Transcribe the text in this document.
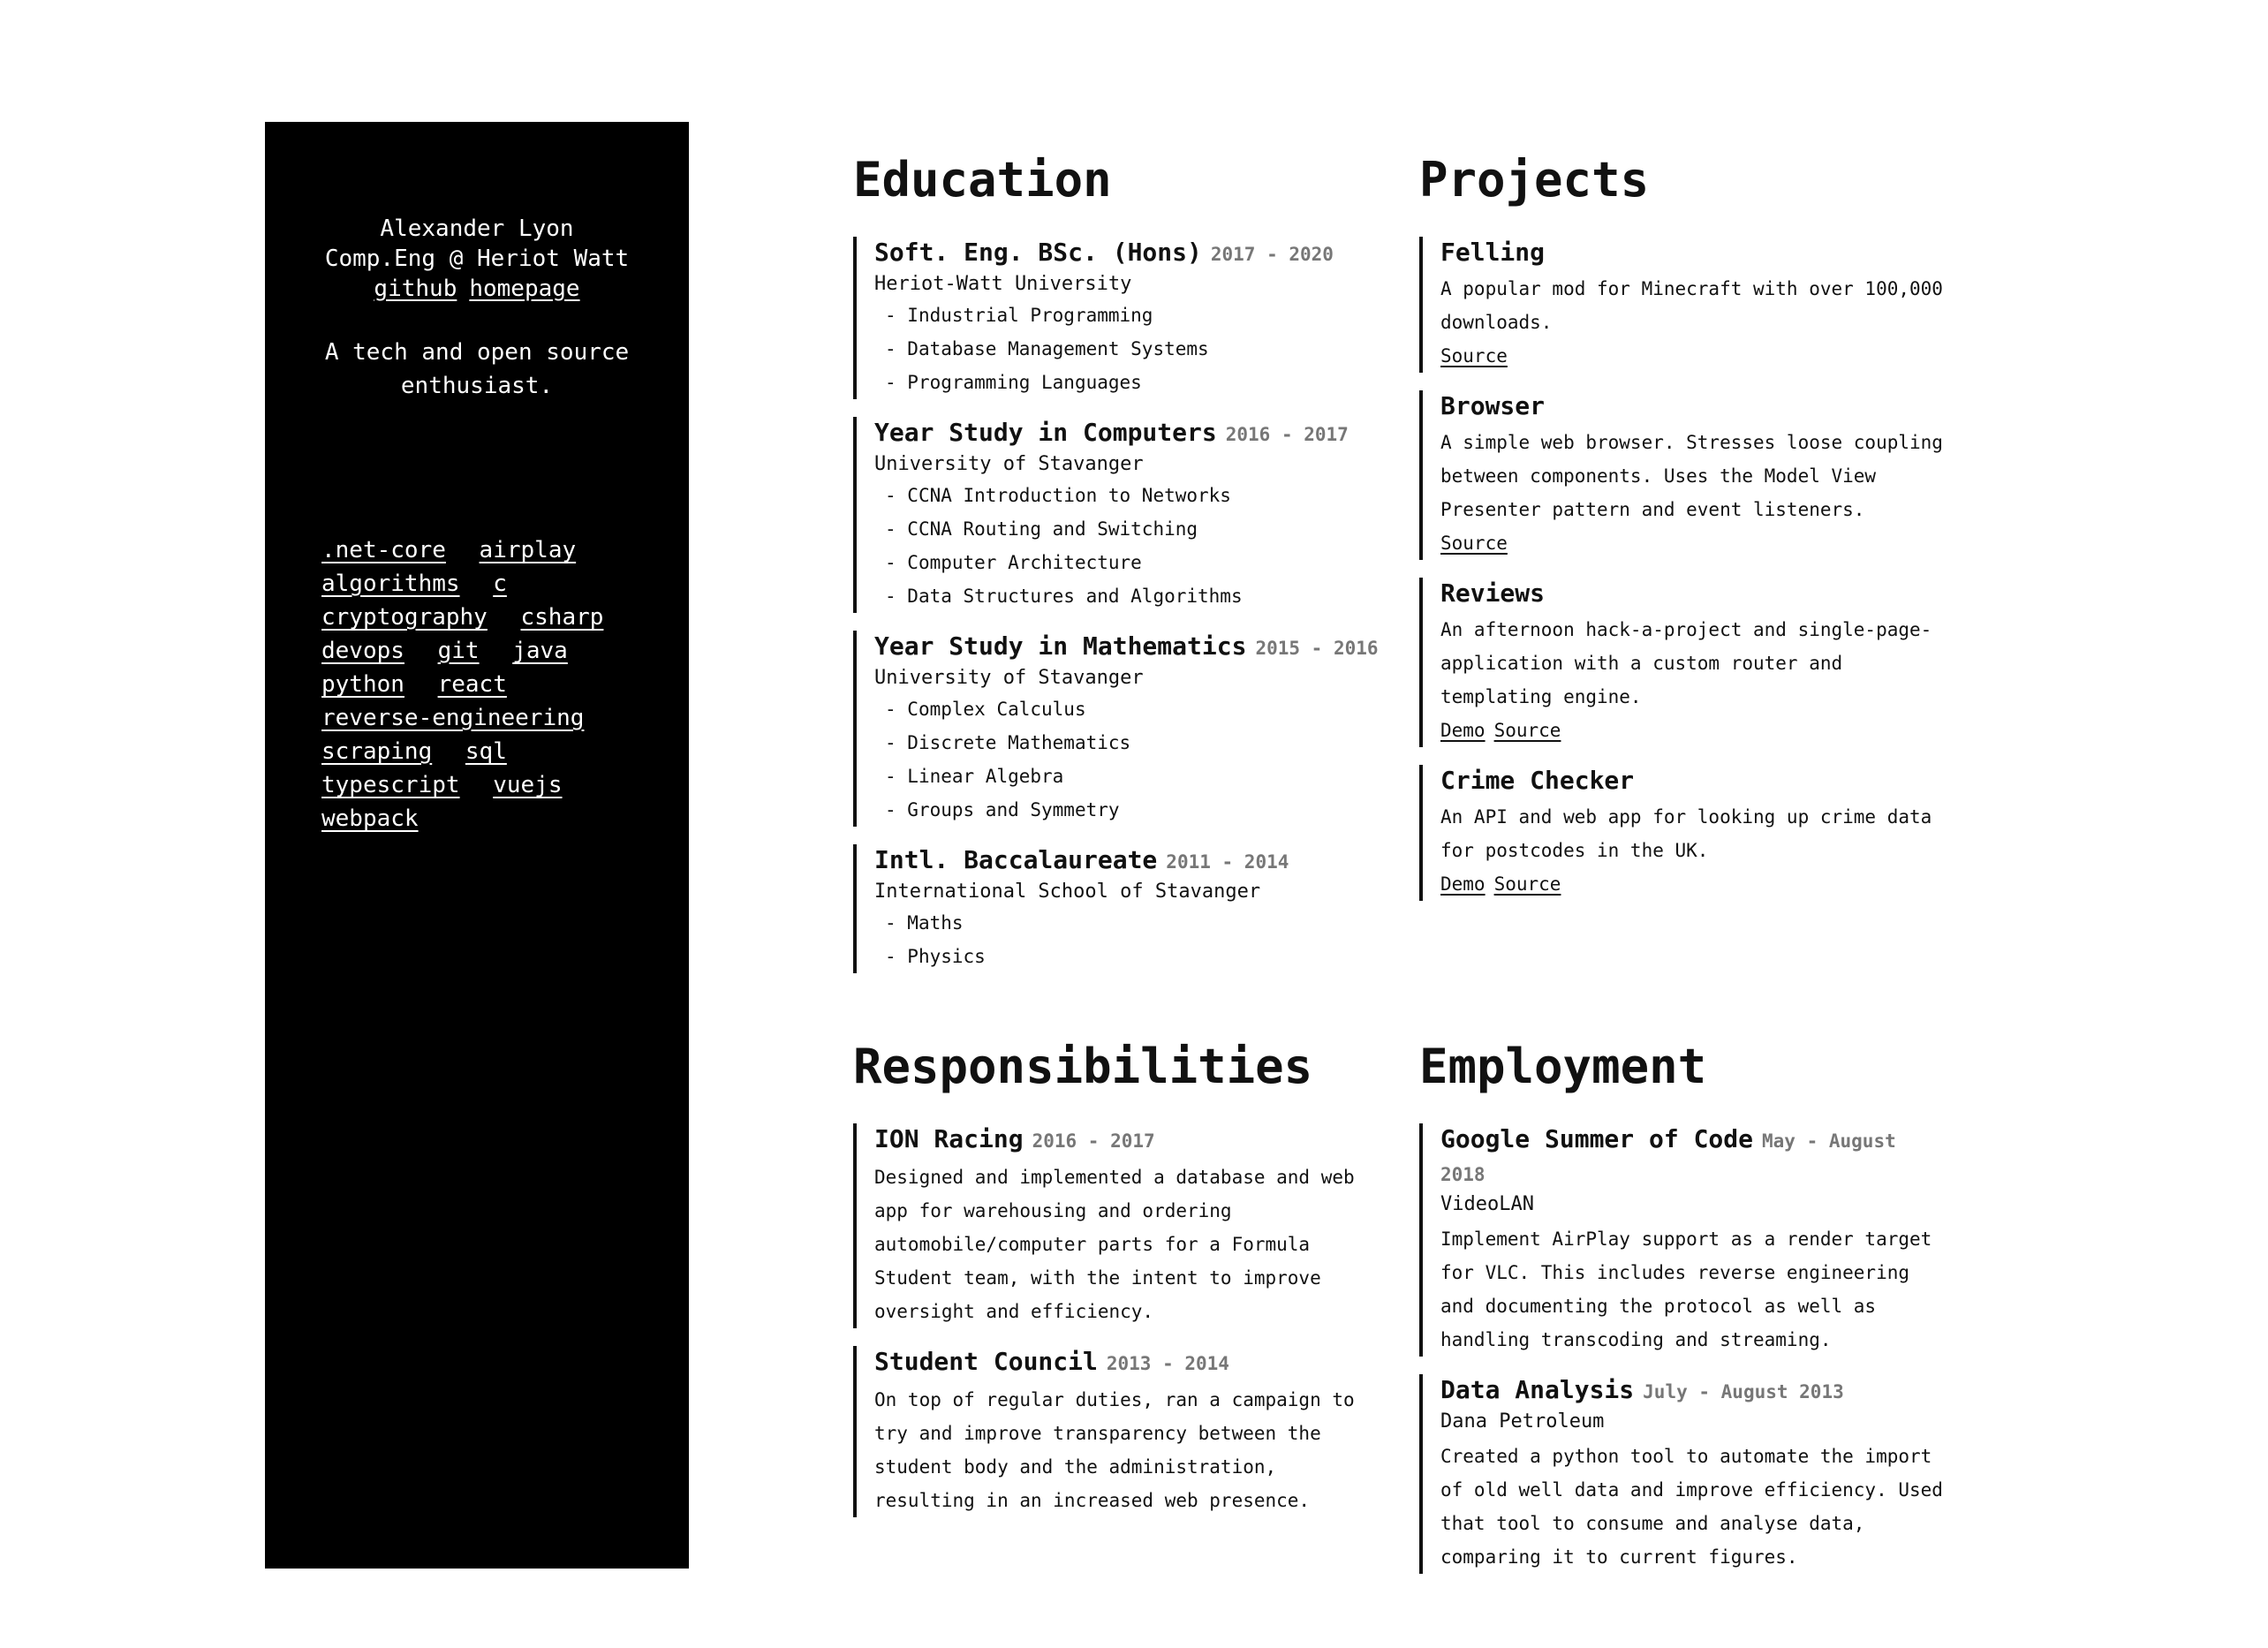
Alexander Lyon
Comp.Eng @ Heriot Watt
github homepage
A tech and open source enthusiast.
.net-core airplay algorithms c cryptography csharp devops git java python react reverse-engineering scraping sql typescript vuejs webpack
Education
Soft. Eng. BSc. (Hons) 2017 - 2020
Heriot-Watt University
- Industrial Programming
- Database Management Systems
- Programming Languages
Year Study in Computers 2016 - 2017
University of Stavanger
- CCNA Introduction to Networks
- CCNA Routing and Switching
- Computer Architecture
- Data Structures and Algorithms
Year Study in Mathematics 2015 - 2016
University of Stavanger
- Complex Calculus
- Discrete Mathematics
- Linear Algebra
- Groups and Symmetry
Intl. Baccalaureate 2011 - 2014
International School of Stavanger
- Maths
- Physics
Projects
Felling
A popular mod for Minecraft with over 100,000 downloads.
Source
Browser
A simple web browser. Stresses loose coupling between components. Uses the Model View Presenter pattern and event listeners.
Source
Reviews
An afternoon hack-a-project and single-page-application with a custom router and templating engine.
Demo Source
Crime Checker
An API and web app for looking up crime data for postcodes in the UK.
Demo Source
Responsibilities
ION Racing 2016 - 2017
Designed and implemented a database and web app for warehousing and ordering automobile/computer parts for a Formula Student team, with the intent to improve oversight and efficiency.
Student Council 2013 - 2014
On top of regular duties, ran a campaign to try and improve transparency between the student body and the administration, resulting in an increased web presence.
Employment
Google Summer of Code May - August 2018
VideoLAN
Implement AirPlay support as a render target for VLC. This includes reverse engineering and documenting the protocol as well as handling transcoding and streaming.
Data Analysis July - August 2013
Dana Petroleum
Created a python tool to automate the import of old well data and improve efficiency. Used that tool to consume and analyse data, comparing it to current figures.
